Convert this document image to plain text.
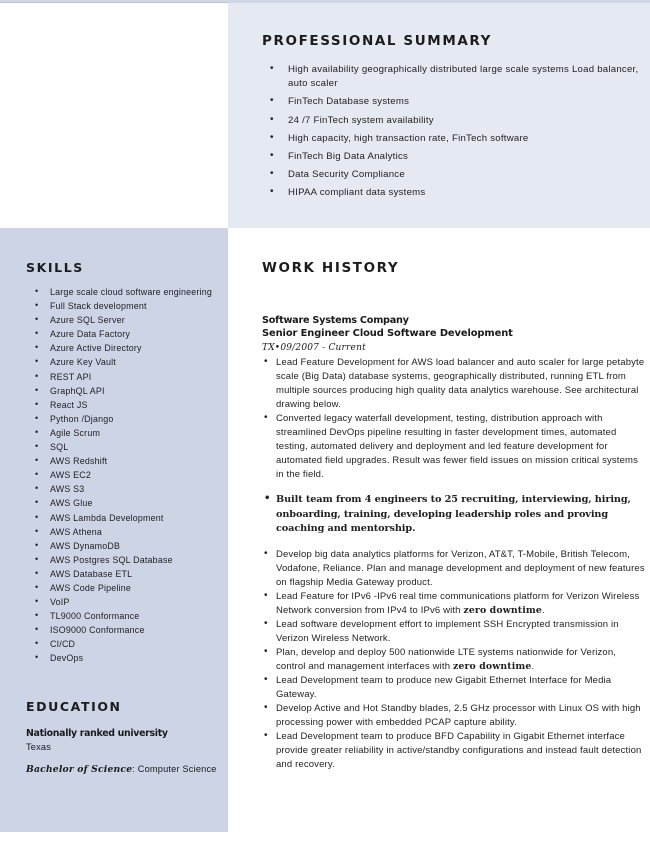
PROFESSIONAL SUMMARY
• High availability geographically distributed large scale systems Load balancer, auto scaler
• FinTech Database systems
• 24 /7 FinTech system availability
• High capacity, high transaction rate, FinTech software
• FinTech Big Data Analytics
• Data Security Compliance
• HIPAA compliant data systems
SKILLS
• Large scale cloud software engineering
• Full Stack development
• Azure SQL Server
• Azure Data Factory
• Azure Active Directory
• Azure Key Vault
• REST API
• GraphQL API
• React JS
• Python /Django
• Agile Scrum
• SQL
• AWS Redshift
• AWS EC2
• AWS S3
• AWS Glue
• AWS Lambda Development
• AWS Athena
• AWS DynamoDB
• AWS Postgres SQL Database
• AWS Database ETL
• AWS Code Pipeline
• VoIP
• TL9000 Conformance
• ISO9000 Conformance
• CI/CD
• DevOps
EDUCATION
Nationally ranked university
Texas
Bachelor of Science: Computer Science
WORK HISTORY
Software Systems Company
Senior Engineer Cloud Software Development
TX•09/2007 - Current
• Lead Feature Development for AWS load balancer and auto scaler for large petabyte scale (Big Data) database systems, geographically distributed, running ETL from multiple sources producing high quality data analytics warehouse. See architectural drawing below.
• Converted legacy waterfall development, testing, distribution approach with streamlined DevOps pipeline resulting in faster development times, automated testing, automated delivery and deployment and led feature development for automated field upgrades. Result was fewer field issues on mission critical systems in the field.
• Built team from 4 engineers to 25 recruiting, interviewing, hiring, onboarding, training, developing leadership roles and proving coaching and mentorship.
• Develop big data analytics platforms for Verizon, AT&T, T-Mobile, British Telecom, Vodafone, Reliance. Plan and manage development and deployment of new features on flagship Media Gateway product.
• Lead Feature for IPv6 -IPv6 real time communications platform for Verizon Wireless Network conversion from IPv4 to IPv6 with zero downtime.
• Lead software development effort to implement SSH Encrypted transmission in Verizon Wireless Network.
• Plan, develop and deploy 500 nationwide LTE systems nationwide for Verizon, control and management interfaces with zero downtime.
• Lead Development team to produce new Gigabit Ethernet Interface for Media Gateway.
• Develop Active and Hot Standby blades, 2.5 GHz processor with Linux OS with high processing power with embedded PCAP capture ability.
• Lead Development team to produce BFD Capability in Gigabit Ethernet interface provide greater reliability in active/standby configurations and instead fault detection and recovery.
